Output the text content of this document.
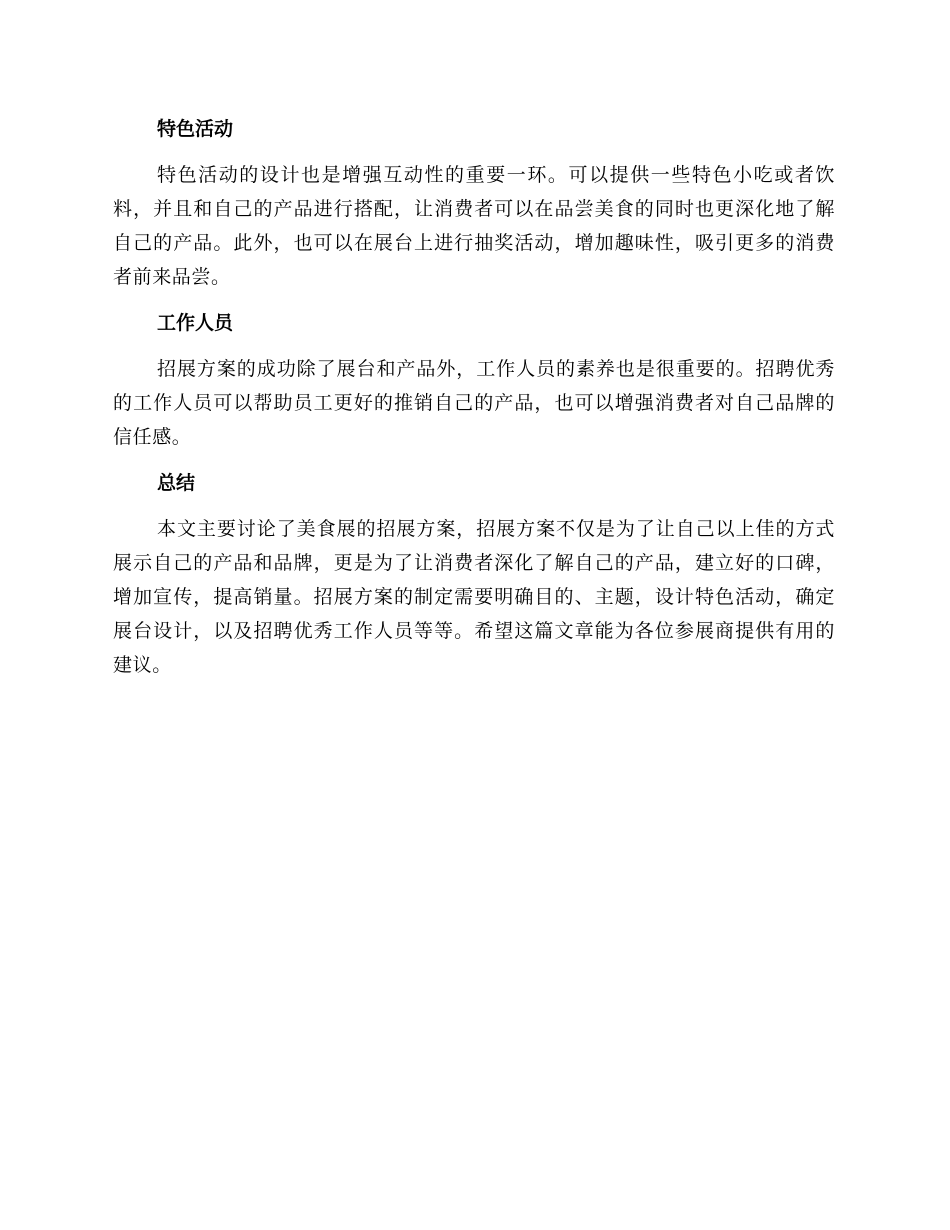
特色活动
特色活动的设计也是增强互动性的重要一环。可以提供一些特色小吃或者饮料，并且和自己的产品进行搭配，让消费者可以在品尝美食的同时也更深化地了解自己的产品。此外，也可以在展台上进行抽奖活动，增加趣味性，吸引更多的消费者前来品尝。
工作人员
招展方案的成功除了展台和产品外，工作人员的素养也是很重要的。招聘优秀的工作人员可以帮助员工更好的推销自己的产品，也可以增强消费者对自己品牌的信任感。
总结
本文主要讨论了美食展的招展方案，招展方案不仅是为了让自己以上佳的方式展示自己的产品和品牌，更是为了让消费者深化了解自己的产品，建立好的口碑，增加宣传，提高销量。招展方案的制定需要明确目的、主题，设计特色活动，确定展台设计，以及招聘优秀工作人员等等。希望这篇文章能为各位参展商提供有用的建议。
